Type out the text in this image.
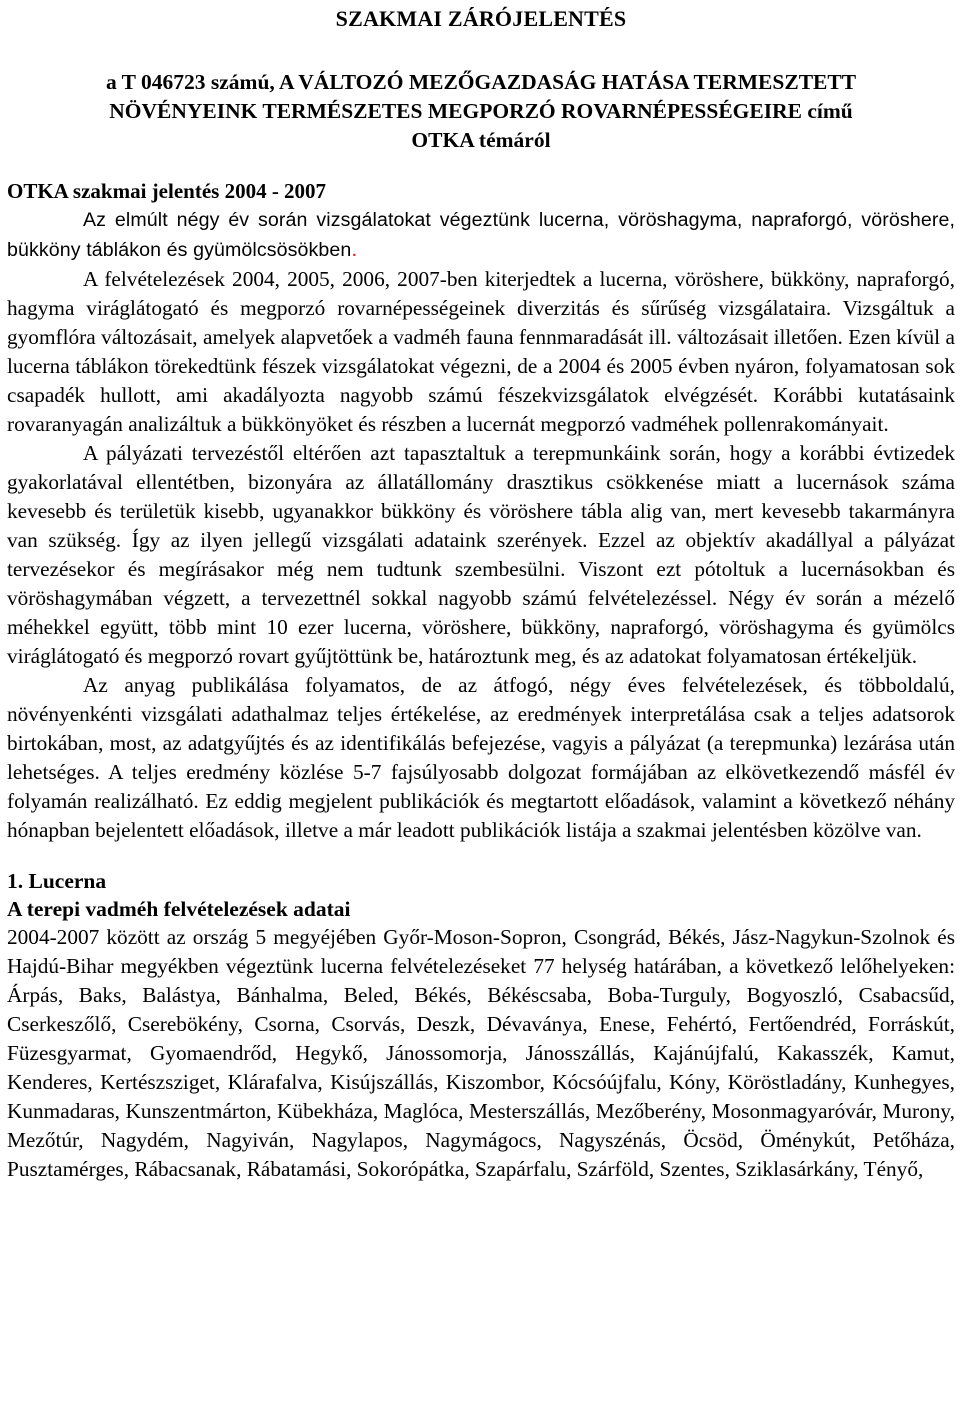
SZAKMAI ZÁRÓJELENTÉS
a T 046723 számú, A VÁLTOZÓ MEZŐGAZDASÁG HATÁSA TERMESZTETT
NÖVÉNYEINK TERMÉSZETES MEGPORZÓ ROVARNÉPESSÉGEIRE című
OTKA témáról
OTKA szakmai jelentés 2004 - 2007

Az elmúlt négy év során vizsgálatokat végeztünk lucerna, vöröshagyma, napraforgó, vöröshere, bükköny táblákon és gyümölcsösökben.

A felvételezések 2004, 2005, 2006, 2007-ben kiterjedtek a lucerna, vöröshere, bükköny, napraforgó, hagyma viráglátogató és megporzó rovarnépességeinek diverzitás és sűrűség vizsgálataira. Vizsgáltuk a gyomflóra változásait, amelyek alapvetőek a vadméh fauna fennmaradását ill. változásait illetően. Ezen kívül a lucerna táblákon törekedtünk fészek vizsgálatokat végezni, de a 2004 és 2005 évben nyáron, folyamatosan sok csapadék hullott, ami akadályozta nagyobb számú fészekvizsgálatok elvégzését. Korábbi kutatásaink rovaranyagán analizáltuk a bükkönyöket és részben a lucernát megporzó vadméhek pollenrakományait.

A pályázati tervezéstől eltérően azt tapasztaltuk a terepmunkáink során, hogy a korábbi évtizedek gyakorlatával ellentétben, bizonyára az állatállomány drasztikus csökkenése miatt a lucernások száma kevesebb és területük kisebb, ugyanakkor bükköny és vöröshere tábla alig van, mert kevesebb takarmányra van szükség. Így az ilyen jellegű vizsgálati adataink szerények. Ezzel az objektív akadállyal a pályázat tervezésekor és megírásakor még nem tudtunk szembesülni. Viszont ezt pótoltuk a lucernásokban és vöröshagymában végzett, a tervezettnél sokkal nagyobb számú felvételezéssel. Négy év során a mézelő méhekkel együtt, több mint 10 ezer lucerna, vöröshere, bükköny, napraforgó, vöröshagyma és gyümölcs viráglátogató és megporzó rovart gyűjtöttünk be, határoztunk meg, és az adatokat folyamatosan értékeljük.

Az anyag publikálása folyamatos, de az átfogó, négy éves felvételezések, és többoldalú, növényenkénti vizsgálati adathalmaz teljes értékelése, az eredmények interpretálása csak a teljes adatsorok birtokában, most, az adatgyűjtés és az identifikálás befejezése, vagyis a pályázat (a terepmunka) lezárása után lehetséges. A teljes eredmény közlése 5-7 fajsúlyosabb dolgozat formájában az elkövetkezendő másfél év folyamán realizálható. Ez eddig megjelent publikációk és megtartott előadások, valamint a következő néhány hónapban bejelentett előadások, illetve a már leadott publikációk listája a szakmai jelentésben közölve van.

1. Lucerna
A terepi vadméh felvételezések adatai

2004-2007 között az ország 5 megyéjében Győr-Moson-Sopron, Csongrád, Békés, Jász-Nagykun-Szolnok és Hajdú-Bihar megyékben végeztünk lucerna felvételezéseket 77 helység határában, a következő lelőhelyeken: Árpás, Baks, Balástya, Bánhalma, Beled, Békés, Békéscsaba, Boba-Turguly, Bogyoszló, Csabacsűd, Cserkeszőlő, Cserebökény, Csorna, Csorvás, Deszk, Dévaványa, Enese, Fehértó, Fertőendréd, Forráskút, Füzesgyarmat, Gyomaendrőd, Hegykő, Jánossomorja, Jánosszállás, Kajánújfalú, Kakasszék, Kamut, Kenderes, Kertészsziget, Klárafalva, Kisújszállás, Kiszombor, Kócsóújfalu, Kóny, Köröstladány, Kunhegyes, Kunmadaras, Kunszentmárton, Kübekháza, Maglóca, Mesterszállás, Mezőberény, Mosonmagyaróvár, Murony, Mezőtúr, Nagydém, Nagyiván, Nagylapos, Nagymágocs, Nagyszénás, Öcsöd, Öménykút, Petőháza, Pusztamérges, Rábacsanak, Rábatamási, Sokorópátka, Szapárfalu, Szárföld, Szentes, Sziklasárkány, Tényő,
